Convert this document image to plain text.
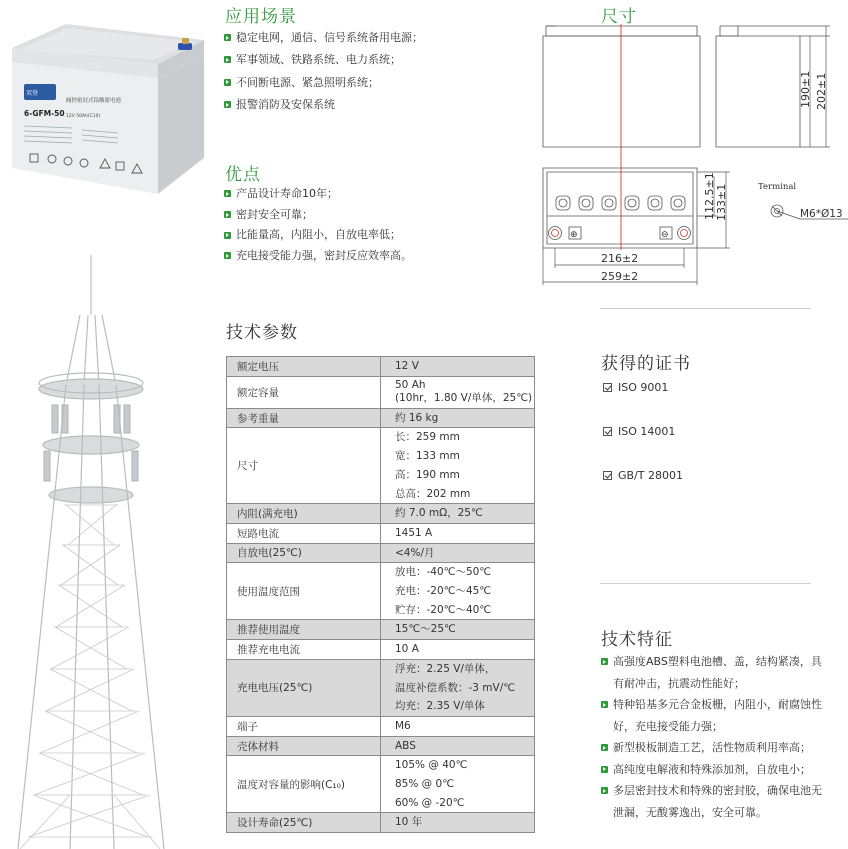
双登
阀控密封式铅酸蓄电池
6-GFM-50 12V 50Ah(C10)
应用场景
稳定电网，通信、信号系统备用电源；
军事领域、铁路系统、电力系统；
不间断电源、紧急照明系统；
报警消防及安保系统
优点
产品设计寿命10年；
密封安全可靠；
比能量高，内阻小，自放电率低；
充电接受能力强，密封反应效率高。
技术参数
额定电压	12 V

额定容量	50 Ah
(10hr，1.80 V/单体，25℃)

参考重量	约 16 kg

尺寸	长：259 mm
宽：133 mm
高：190 mm
总高：202 mm

内阻(满充电)	约 7.0 mΩ，25℃

短路电流	1451 A

自放电(25℃)	<4%/月

使用温度范围	放电：-40℃～50℃
充电：-20℃～45℃
贮存：-20℃～40℃

推荐使用温度	15℃～25℃

推荐充电电流	10 A

充电电压(25℃)	浮充：2.25 V/单体，
温度补偿系数：-3 mV/℃
均充：2.35 V/单体

端子	M6

壳体材料	ABS

温度对容量的影响(C₁₀)	105% @ 40℃
85% @ 0℃
60% @ -20℃

设计寿命(25℃)	10 年
尺寸
⊕	⊖
190±1 202±1
112.5±1 133±1
216±2
259±2
Terminal
M6*Ø13
获得的证书
ISO 9001
ISO 14001
GB/T 28001
技术特征
高强度ABS塑料电池槽、盖，结构紧凑，具有耐冲击，抗震动性能好；
特种铅基多元合金板栅，内阻小，耐腐蚀性好，充电接受能力强；
新型极板制造工艺，活性物质利用率高；
高纯度电解液和特殊添加剂，自放电小；
多层密封技术和特殊的密封胶，确保电池无泄漏，无酸雾逸出，安全可靠。
